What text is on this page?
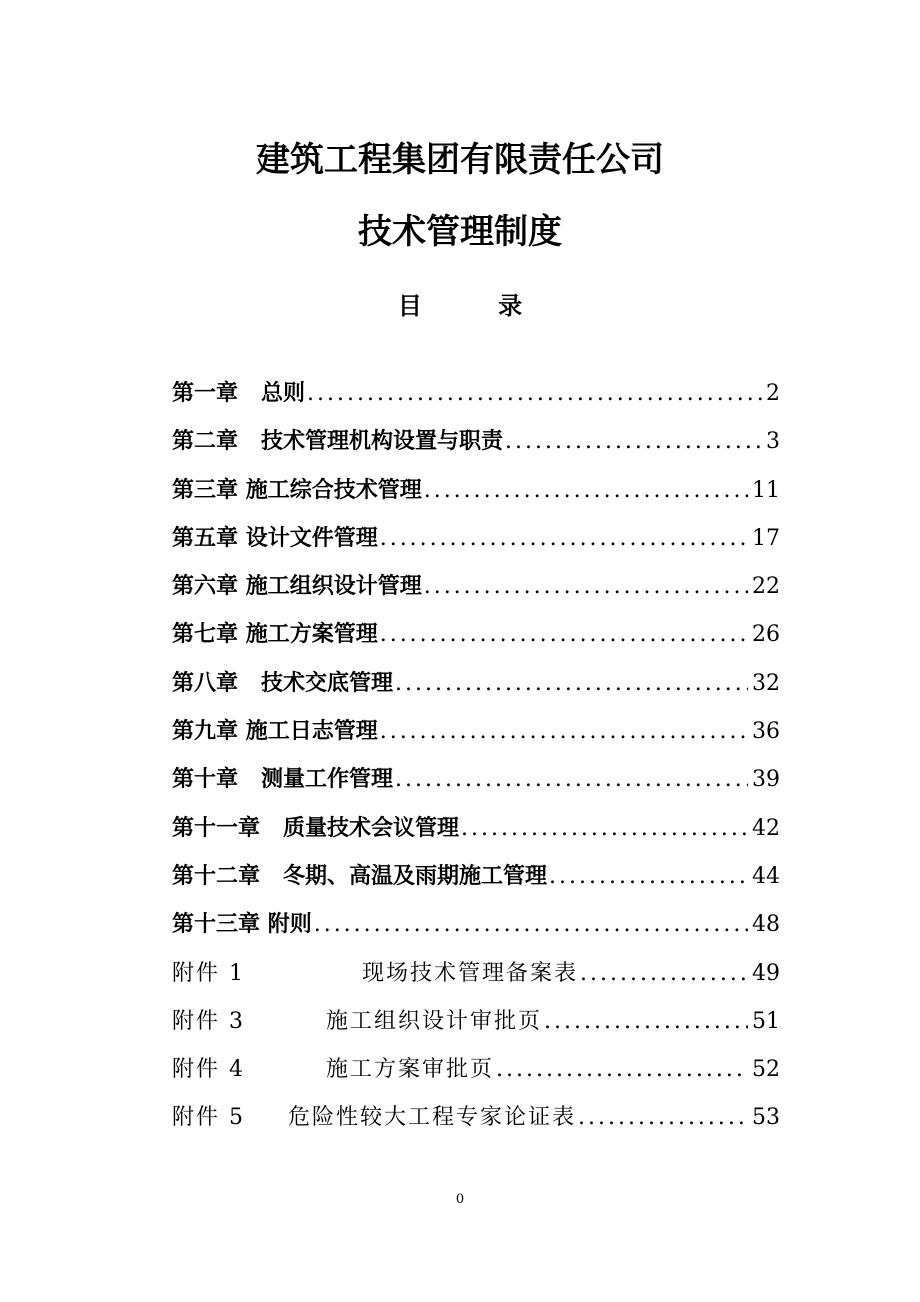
建筑工程集团有限责任公司
技术管理制度
目 录
第一章 总则 .....	2
第二章 技术管理机构设置与职责 .....	3
第三章 施工综合技术管理 .....	11
第五章 设计文件管理 .....	17
第六章 施工组织设计管理 .....	22
第七章 施工方案管理 .....	26
第八章 技术交底管理 .....	32
第九章 施工日志管理 .....	36
第十章 测量工作管理 .....	39
第十一章 质量技术会议管理 .....	42
第十二章 冬期、高温及雨期施工管理 .....	44
第十三章 附则 .....	48
附件 1	现场技术管理备案表 .....	49
附件 3	施工组织设计审批页 .....	51
附件 4	施工方案审批页 .....	52
附件 5 危险性较大工程专家论证表 .....	53
0
